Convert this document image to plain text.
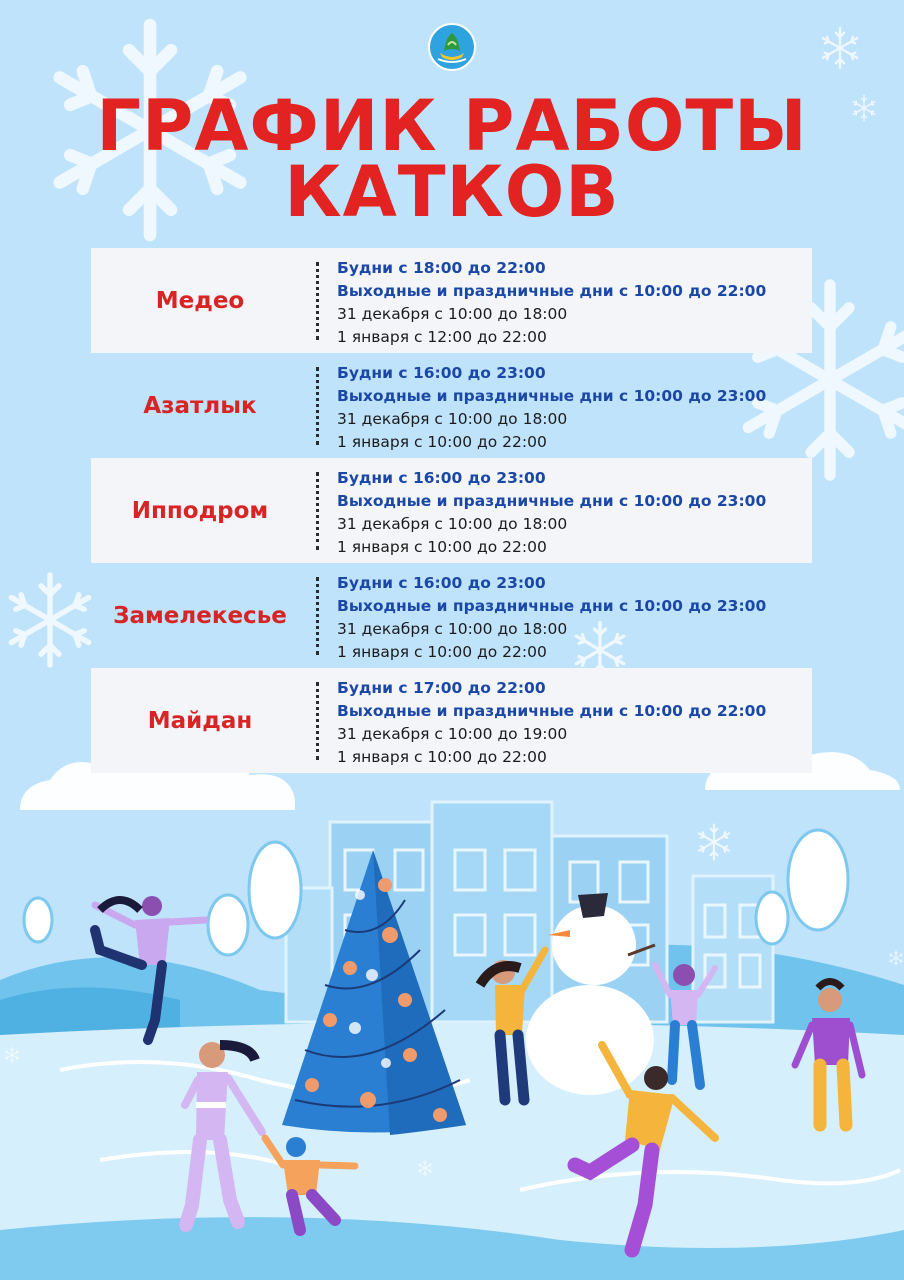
ГРАФИК РАБОТЫ
КАТКОВ
Медео
Будни с 18:00 до 22:00
Выходные и праздничные дни с 10:00 до 22:00
31 декабря с 10:00 до 18:00
1 января с 12:00 до 22:00
Азатлык
Будни с 16:00 до 23:00
Выходные и праздничные дни с 10:00 до 23:00
31 декабря с 10:00 до 18:00
1 января с 10:00 до 22:00
Ипподром
Будни с 16:00 до 23:00
Выходные и праздничные дни с 10:00 до 23:00
31 декабря с 10:00 до 18:00
1 января с 10:00 до 22:00
Замелекесье
Будни с 16:00 до 23:00
Выходные и праздничные дни с 10:00 до 23:00
31 декабря с 10:00 до 18:00
1 января с 10:00 до 22:00
Майдан
Будни с 17:00 до 22:00
Выходные и праздничные дни с 10:00 до 22:00
31 декабря с 10:00 до 19:00
1 января с 10:00 до 22:00
